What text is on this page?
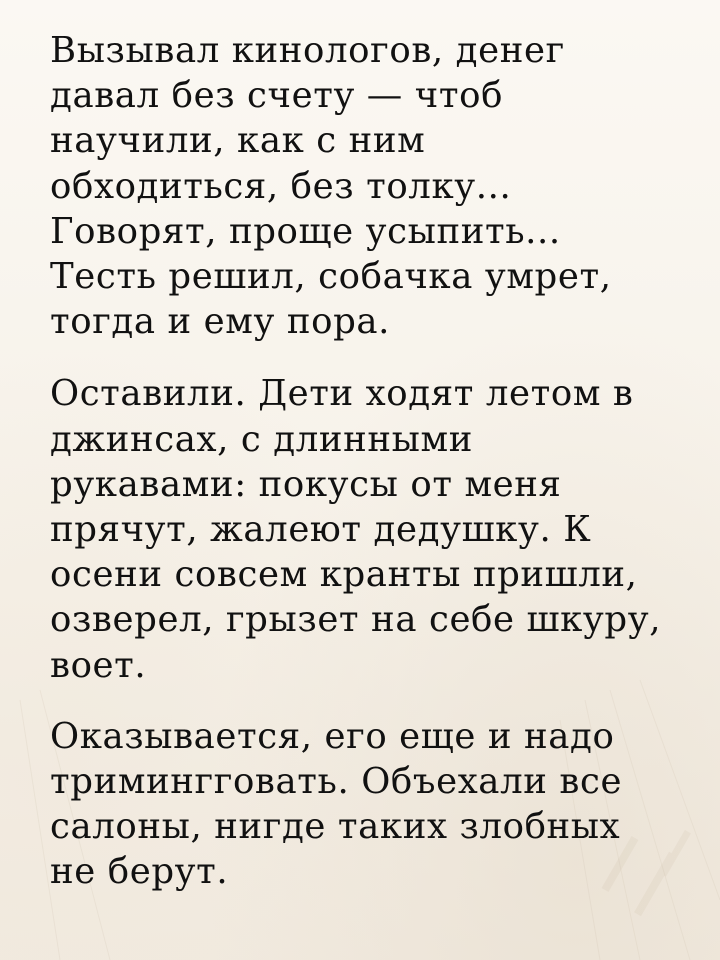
Вызывал кинологов, денег
давал без счету — чтоб
научили, как с ним
обходиться, без толку...
Говорят, проще усыпить...
Тесть решил, собачка умрет,
тогда и ему пора.

Оставили. Дети ходят летом в
джинсах, с длинными
рукавами: покусы от меня
прячут, жалеют дедушку. К
осени совсем кранты пришли,
озверел, грызет на себе шкуру,
воет.

Оказывается, его еще и надо
тримингговать. Объехали все
салоны, нигде таких злобных
не берут.
